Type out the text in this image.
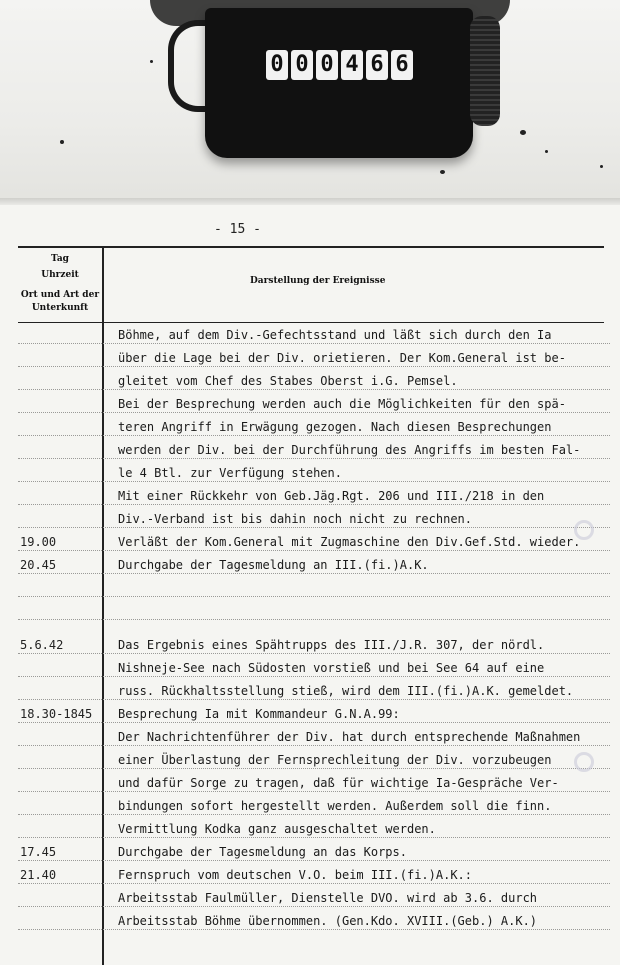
0 0 0 4 6 6
- 15 -
Tag
Uhrzeit
Ort und Art der
Unterkunft
Darstellung der Ereignisse
Böhme, auf dem Div.-Gefechtsstand und läßt sich durch den Ia
über die Lage bei der Div. orietieren. Der Kom.General ist be-
gleitet vom Chef des Stabes Oberst i.G. Pemsel.
Bei der Besprechung werden auch die Möglichkeiten für den spä-
teren Angriff in Erwägung gezogen. Nach diesen Besprechungen
werden der Div. bei der Durchführung des Angriffs im besten Fal-
le 4 Btl. zur Verfügung stehen.
Mit einer Rückkehr von Geb.Jäg.Rgt. 206 und III./218 in den
Div.-Verband ist bis dahin noch nicht zu rechnen.
19.00	Verläßt der Kom.General mit Zugmaschine den Div.Gef.Std. wieder.
20.45	Durchgabe der Tagesmeldung an III.(fi.)A.K.
5.6.42	Das Ergebnis eines Spähtrupps des III./J.R. 307, der nördl.
Nishneje-See nach Südosten vorstieß und bei See 64 auf eine
russ. Rückhaltsstellung stieß, wird dem III.(fi.)A.K. gemeldet.
18.30-1845	Besprechung Ia mit Kommandeur G.N.A.99:
Der Nachrichtenführer der Div. hat durch entsprechende Maßnahmen
einer Überlastung der Fernsprechleitung der Div. vorzubeugen
und dafür Sorge zu tragen, daß für wichtige Ia-Gespräche Ver-
bindungen sofort hergestellt werden. Außerdem soll die finn.
Vermittlung Kodka ganz ausgeschaltet werden.
17.45	Durchgabe der Tagesmeldung an das Korps.
21.40	Fernspruch vom deutschen V.O. beim III.(fi.)A.K.:
Arbeitsstab Faulmüller, Dienstelle DVO. wird ab 3.6. durch
Arbeitsstab Böhme übernommen. (Gen.Kdo. XVIII.(Geb.) A.K.)
